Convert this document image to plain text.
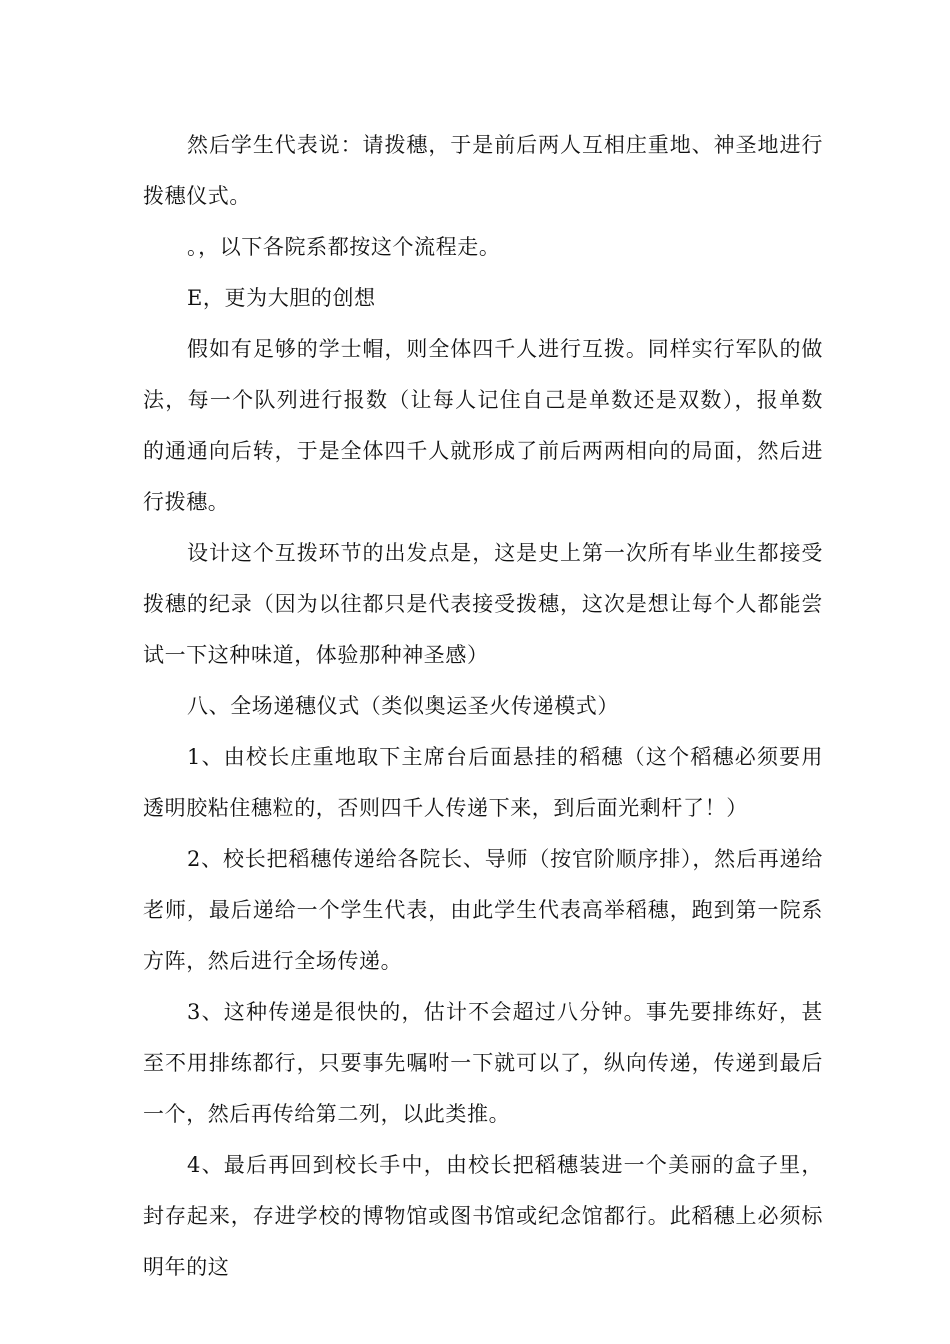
然后学生代表说：请拨穗，于是前后两人互相庄重地、神圣地进行拨穗仪式。

。，以下各院系都按这个流程走。

E，更为大胆的创想

假如有足够的学士帽，则全体四千人进行互拨。同样实行军队的做法，每一个队列进行报数（让每人记住自己是单数还是双数），报单数的通通向后转，于是全体四千人就形成了前后两两相向的局面，然后进行拨穗。

设计这个互拨环节的出发点是，这是史上第一次所有毕业生都接受拨穗的纪录（因为以往都只是代表接受拨穗，这次是想让每个人都能尝试一下这种味道，体验那种神圣感）

八、全场递穗仪式（类似奥运圣火传递模式）

1、由校长庄重地取下主席台后面悬挂的稻穗（这个稻穗必须要用透明胶粘住穗粒的，否则四千人传递下来，到后面光剩杆了！）

2、校长把稻穗传递给各院长、导师（按官阶顺序排），然后再递给老师，最后递给一个学生代表，由此学生代表高举稻穗，跑到第一院系方阵，然后进行全场传递。

3、这种传递是很快的，估计不会超过八分钟。事先要排练好，甚至不用排练都行，只要事先嘱咐一下就可以了，纵向传递，传递到最后一个，然后再传给第二列，以此类推。

4、最后再回到校长手中，由校长把稻穗装进一个美丽的盒子里，封存起来，存进学校的博物馆或图书馆或纪念馆都行。此稻穗上必须标明年的这
